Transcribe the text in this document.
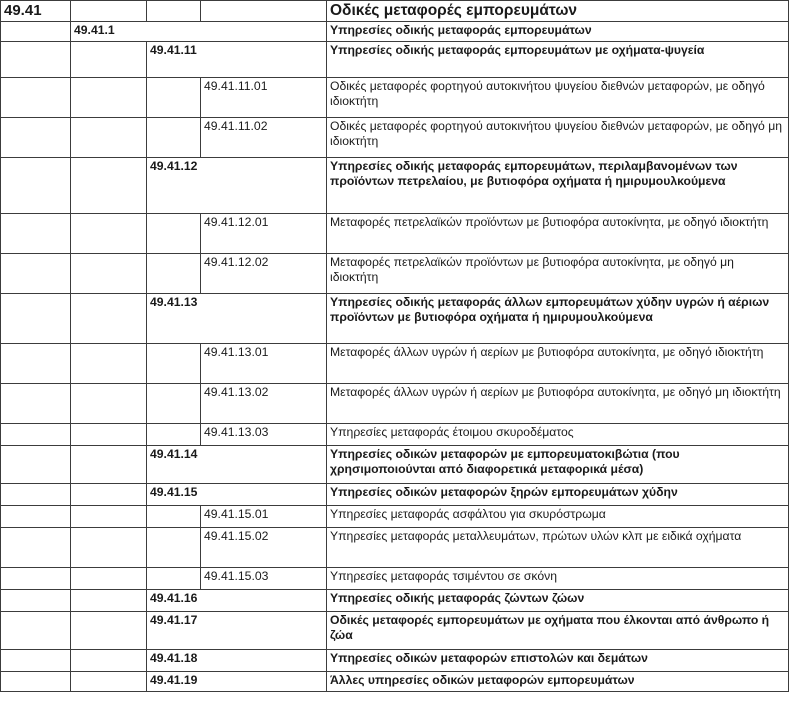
49.41				Οδικές μεταφορές εμπορευμάτων
	49.41.1			Υπηρεσίες οδικής μεταφοράς εμπορευμάτων
		49.41.11		Υπηρεσίες οδικής μεταφοράς εμπορευμάτων με οχήματα-ψυγεία
			49.41.11.01	Οδικές μεταφορές φορτηγού αυτοκινήτου ψυγείου διεθνών μεταφορών, με οδηγό ιδιοκτήτη
			49.41.11.02	Οδικές μεταφορές φορτηγού αυτοκινήτου ψυγείου διεθνών μεταφορών, με οδηγό μη ιδιοκτήτη
		49.41.12		Υπηρεσίες οδικής μεταφοράς εμπορευμάτων, περιλαμβανομένων των προϊόντων πετρελαίου, με βυτιοφόρα οχήματα ή ημιρυμουλκούμενα
			49.41.12.01	Μεταφορές πετρελαϊκών προϊόντων με βυτιοφόρα αυτοκίνητα, με οδηγό ιδιοκτήτη
			49.41.12.02	Μεταφορές πετρελαϊκών προϊόντων με βυτιοφόρα αυτοκίνητα, με οδηγό μη ιδιοκτήτη
		49.41.13		Υπηρεσίες οδικής μεταφοράς άλλων εμπορευμάτων χύδην υγρών ή αέριων προϊόντων με βυτιοφόρα οχήματα ή ημιρυμουλκούμενα
			49.41.13.01	Μεταφορές άλλων υγρών ή αερίων με βυτιοφόρα αυτοκίνητα, με οδηγό ιδιοκτήτη
			49.41.13.02	Μεταφορές άλλων υγρών ή αερίων με βυτιοφόρα αυτοκίνητα, με οδηγό μη ιδιοκτήτη
			49.41.13.03	Υπηρεσίες μεταφοράς έτοιμου σκυροδέματος
		49.41.14		Υπηρεσίες οδικών μεταφορών με εμπορευματοκιβώτια (που χρησιμοποιούνται από διαφορετικά μεταφορικά μέσα)
		49.41.15		Υπηρεσίες οδικών μεταφορών ξηρών εμπορευμάτων χύδην
			49.41.15.01	Υπηρεσίες μεταφοράς ασφάλτου για σκυρόστρωμα
			49.41.15.02	Υπηρεσίες μεταφοράς μεταλλευμάτων, πρώτων υλών κλπ με ειδικά οχήματα
			49.41.15.03	Υπηρεσίες μεταφοράς τσιμέντου σε σκόνη
		49.41.16		Υπηρεσίες οδικής μεταφοράς ζώντων ζώων
		49.41.17		Οδικές μεταφορές εμπορευμάτων με οχήματα που έλκονται από άνθρωπο ή ζώα
		49.41.18		Υπηρεσίες οδικών μεταφορών επιστολών και δεμάτων
		49.41.19		Άλλες υπηρεσίες οδικών μεταφορών εμπορευμάτων
